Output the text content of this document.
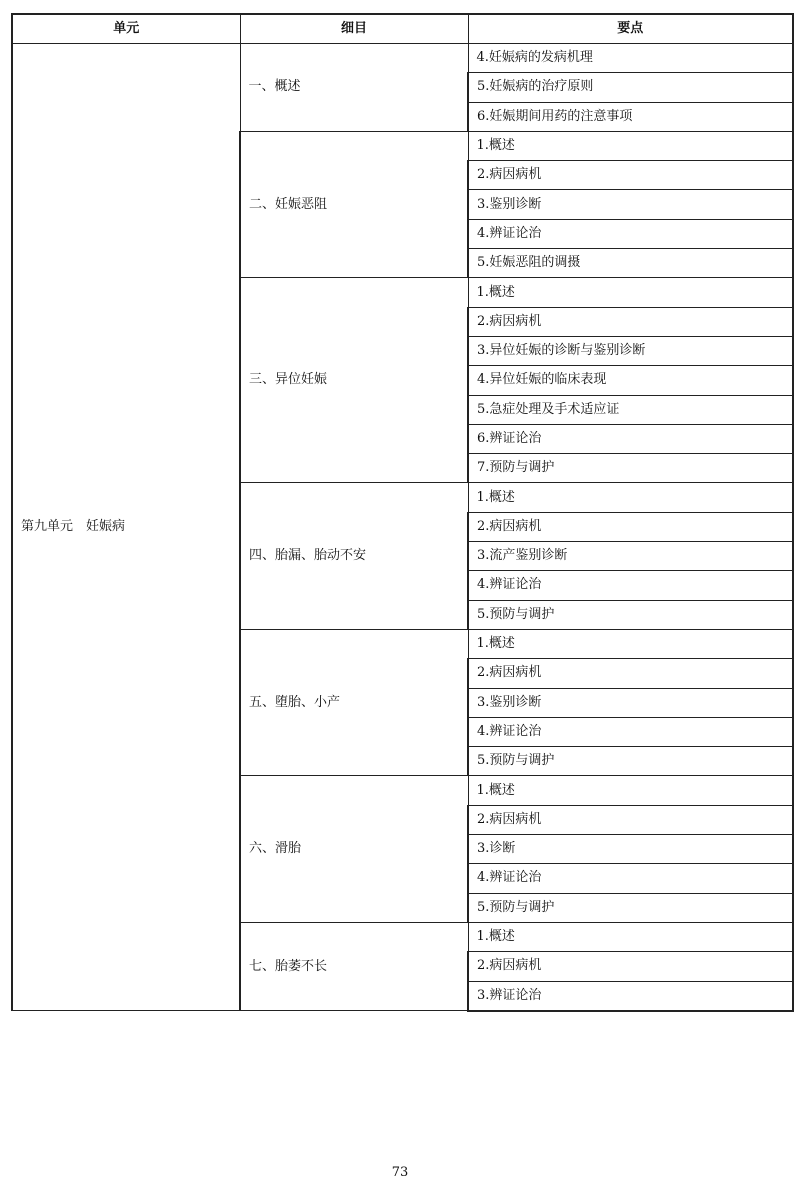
单元	细目	要点
第九单元　妊娠病	一、概述	4.妊娠病的发病机理
		5.妊娠病的治疗原则
		6.妊娠期间用药的注意事项
	二、妊娠恶阻	1.概述
		2.病因病机
		3.鉴别诊断
		4.辨证论治
		5.妊娠恶阻的调摄
	三、异位妊娠	1.概述
		2.病因病机
		3.异位妊娠的诊断与鉴别诊断
		4.异位妊娠的临床表现
		5.急症处理及手术适应证
		6.辨证论治
		7.预防与调护
	四、胎漏、胎动不安	1.概述
		2.病因病机
		3.流产鉴别诊断
		4.辨证论治
		5.预防与调护
	五、堕胎、小产	1.概述
		2.病因病机
		3.鉴别诊断
		4.辨证论治
		5.预防与调护
	六、滑胎	1.概述
		2.病因病机
		3.诊断
		4.辨证论治
		5.预防与调护
	七、胎萎不长	1.概述
		2.病因病机
		3.辨证论治
73
